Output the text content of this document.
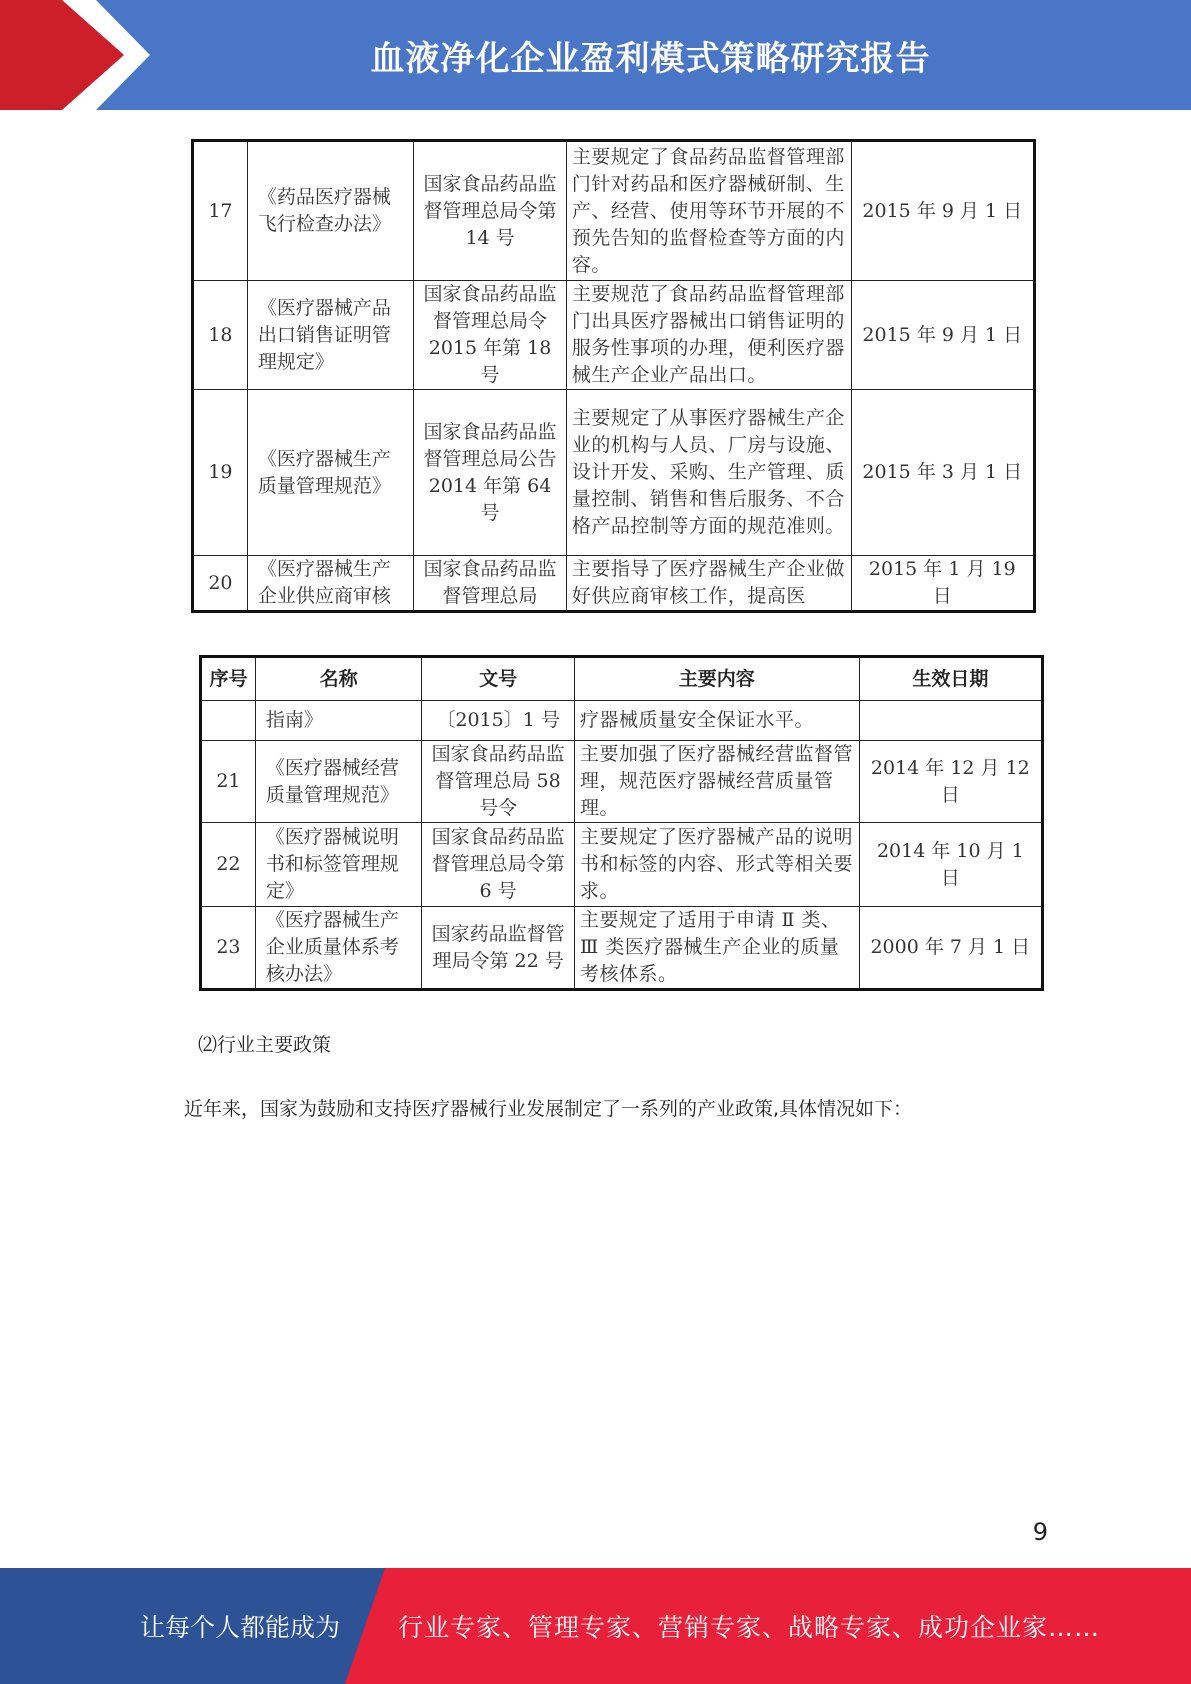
血液净化企业盈利模式策略研究报告
17	《药品医疗器械飞行检查办法》	国家食品药品监督管理总局令第 14 号	主要规定了食品药品监督管理部门针对药品和医疗器械研制、生产、经营、使用等环节开展的不预先告知的监督检查等方面的内容。	2015 年 9 月 1 日
18	《医疗器械产品出口销售证明管理规定》	国家食品药品监督管理总局令 2015 年第 18 号	主要规范了食品药品监督管理部门出具医疗器械出口销售证明的服务性事项的办理，便利医疗器械生产企业产品出口。	2015 年 9 月 1 日
19	《医疗器械生产质量管理规范》	国家食品药品监督管理总局公告 2014 年第 64 号	主要规定了从事医疗器械生产企业的机构与人员、厂房与设施、设计开发、采购、生产管理、质量控制、销售和售后服务、不合格产品控制等方面的规范准则。	2015 年 3 月 1 日
20	《医疗器械生产企业供应商审核	国家食品药品监督管理总局	主要指导了医疗器械生产企业做好供应商审核工作，提高医	2015 年 1 月 19 日
序号	名称	文号	主要内容	生效日期
	指南》	〔2015〕1 号	疗器械质量安全保证水平。	
21	《医疗器械经营质量管理规范》	国家食品药品监督管理总局 58 号令	主要加强了医疗器械经营监督管理，规范医疗器械经营质量管理。	2014 年 12 月 12 日
22	《医疗器械说明书和标签管理规定》	国家食品药品监督管理总局令第 6 号	主要规定了医疗器械产品的说明书和标签的内容、形式等相关要求。	2014 年 10 月 1 日
23	《医疗器械生产企业质量体系考核办法》	国家药品监督管理局令第 22 号	主要规定了适用于申请 Ⅱ 类、Ⅲ 类医疗器械生产企业的质量考核体系。	2000 年 7 月 1 日
⑵行业主要政策
近年来，国家为鼓励和支持医疗器械行业发展制定了一系列的产业政策,具体情况如下：
9
让每个人都能成为 行业专家、管理专家、营销专家、战略专家、成功企业家……
